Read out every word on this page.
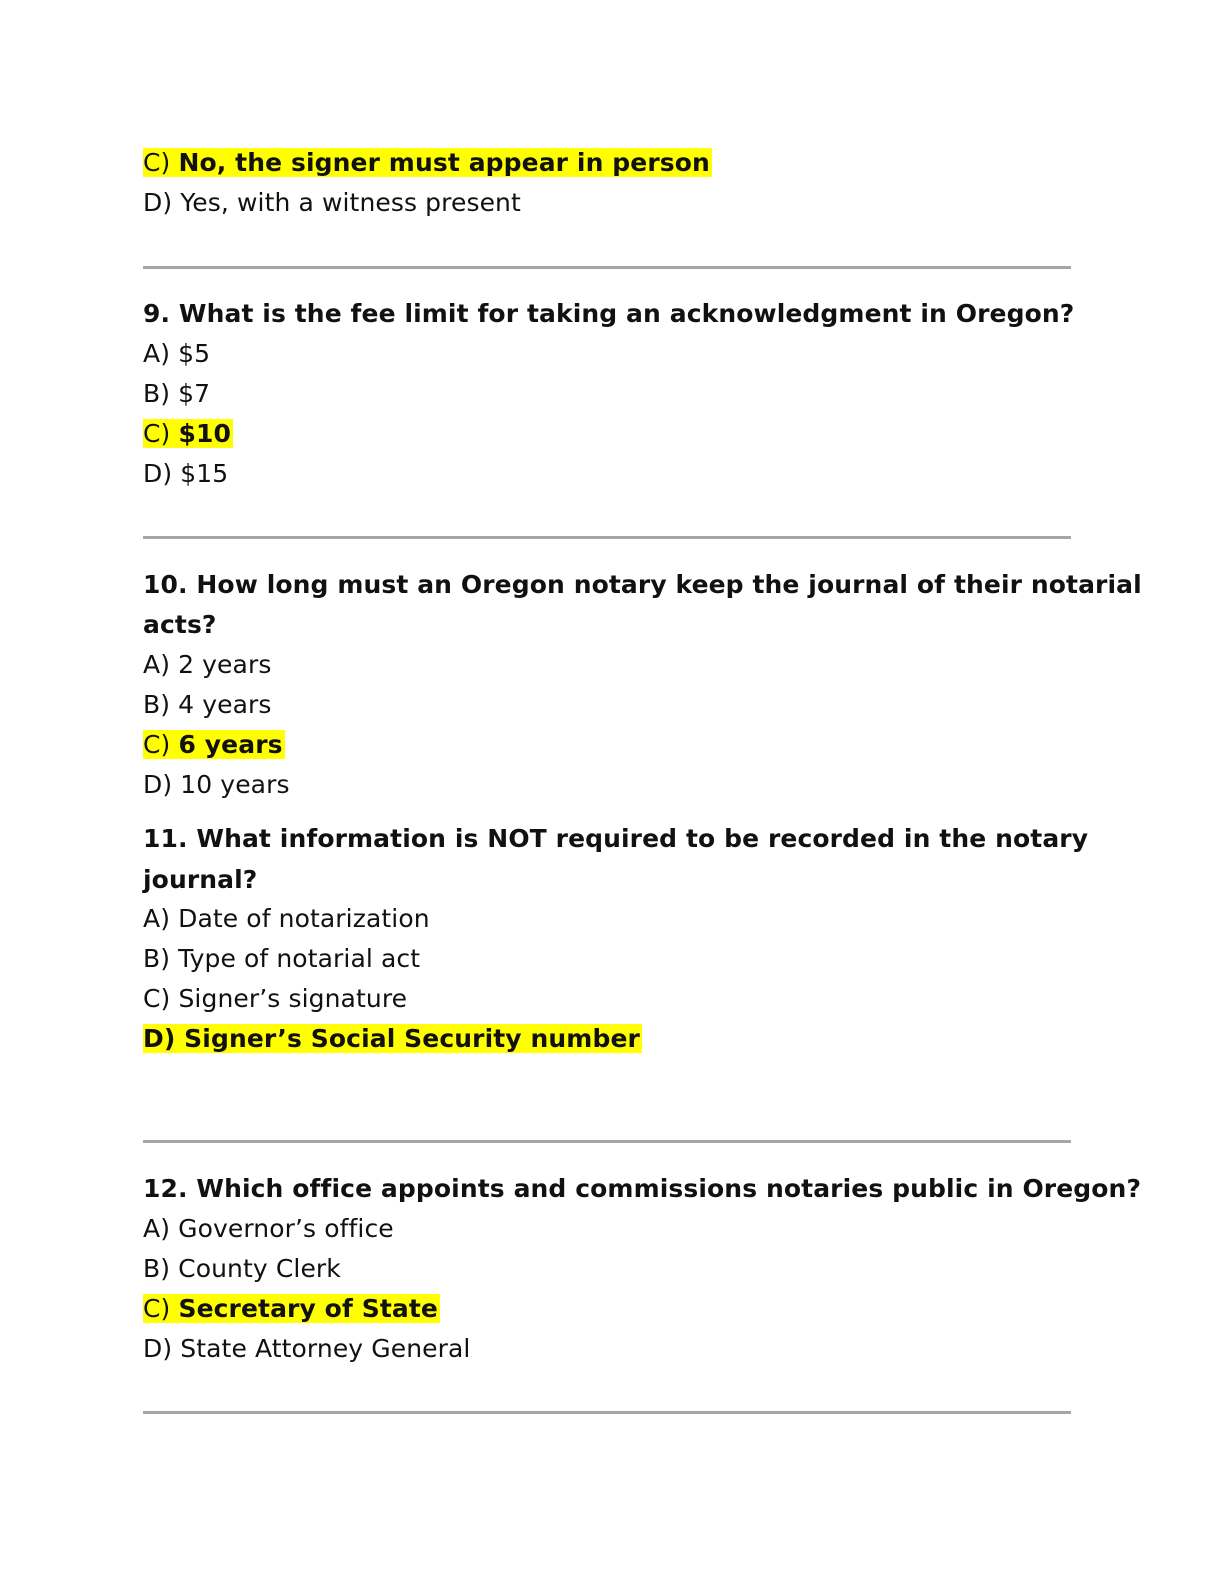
C) No, the signer must appear in person
D) Yes, with a witness present
9. What is the fee limit for taking an acknowledgment in Oregon?
A) $5
B) $7
C) $10
D) $15
10. How long must an Oregon notary keep the journal of their notarial
acts?
A) 2 years
B) 4 years
C) 6 years
D) 10 years
11. What information is NOT required to be recorded in the notary
journal?
A) Date of notarization
B) Type of notarial act
C) Signer’s signature
D) Signer’s Social Security number
12. Which office appoints and commissions notaries public in Oregon?
A) Governor’s office
B) County Clerk
C) Secretary of State
D) State Attorney General
